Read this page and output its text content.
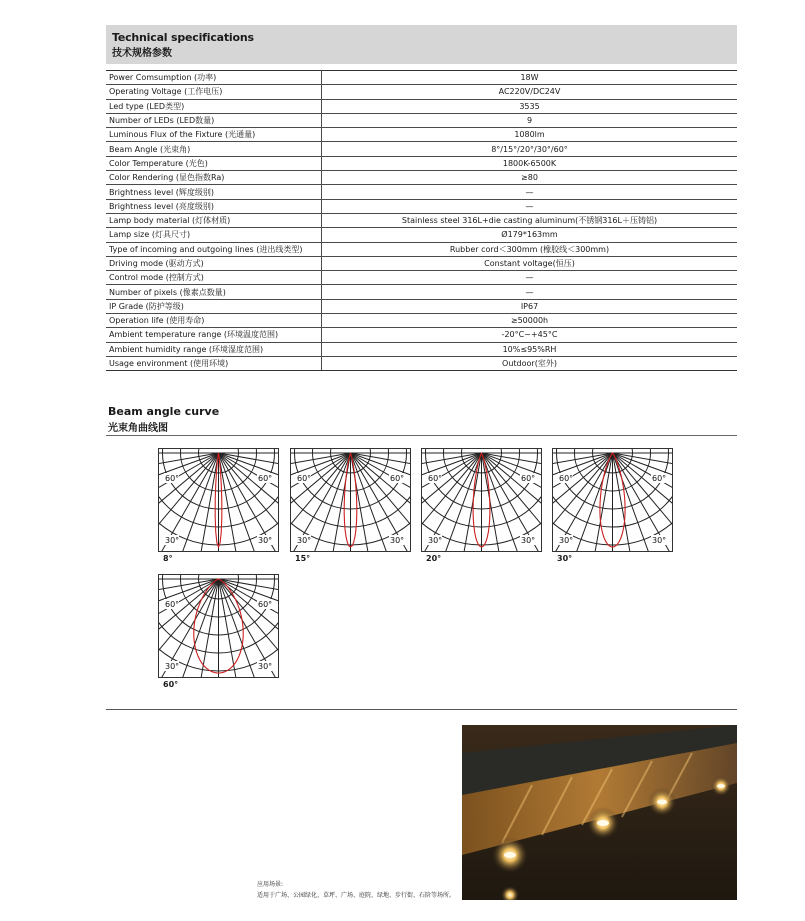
Technical specifications
技术规格参数
Power Comsumption (功率)	18W
Operating Voltage (工作电压)	AC220V/DC24V
Led type (LED类型)	3535
Number of LEDs (LED数量)	9
Luminous Flux of the Fixture (光通量)	1080lm
Beam Angle (光束角)	8°/15°/20°/30°/60°
Color Temperature (光色)	1800K-6500K
Color Rendering (显色指数Ra)	≥80
Brightness level (辉度级别)	—
Brightness level (亮度级别)	—
Lamp body material (灯体材质)	Stainless steel 316L+die casting aluminum(不锈钢316L＋压铸铝)
Lamp size (灯具尺寸)	Ø179*163mm
Type of incoming and outgoing lines (进出线类型)	Rubber cord＜300mm (橡胶线＜300mm)
Driving mode (驱动方式)	Constant voltage(恒压)
Control mode (控制方式)	—
Number of pixels (像素点数量)	—
IP Grade (防护等级)	IP67
Operation life (使用寿命)	≥50000h
Ambient temperature range (环境温度范围)	-20°C~+45°C
Ambient humidity range (环境湿度范围)	10%≤95%RH
Usage environment (使用环境)	Outdoor(室外)
Beam angle curve
光束角曲线图
60°	60°
30°	30°
8°
60°	60°
30°	30°
15°
60°	60°
30°	30°
20°
60°	60°
30°	30°
30°
60°	60°
30°	30°
60°
应用场景:
适用于广场、公园绿化、草坪、广场、庭院、绿地、步行街、石阶等场所。
